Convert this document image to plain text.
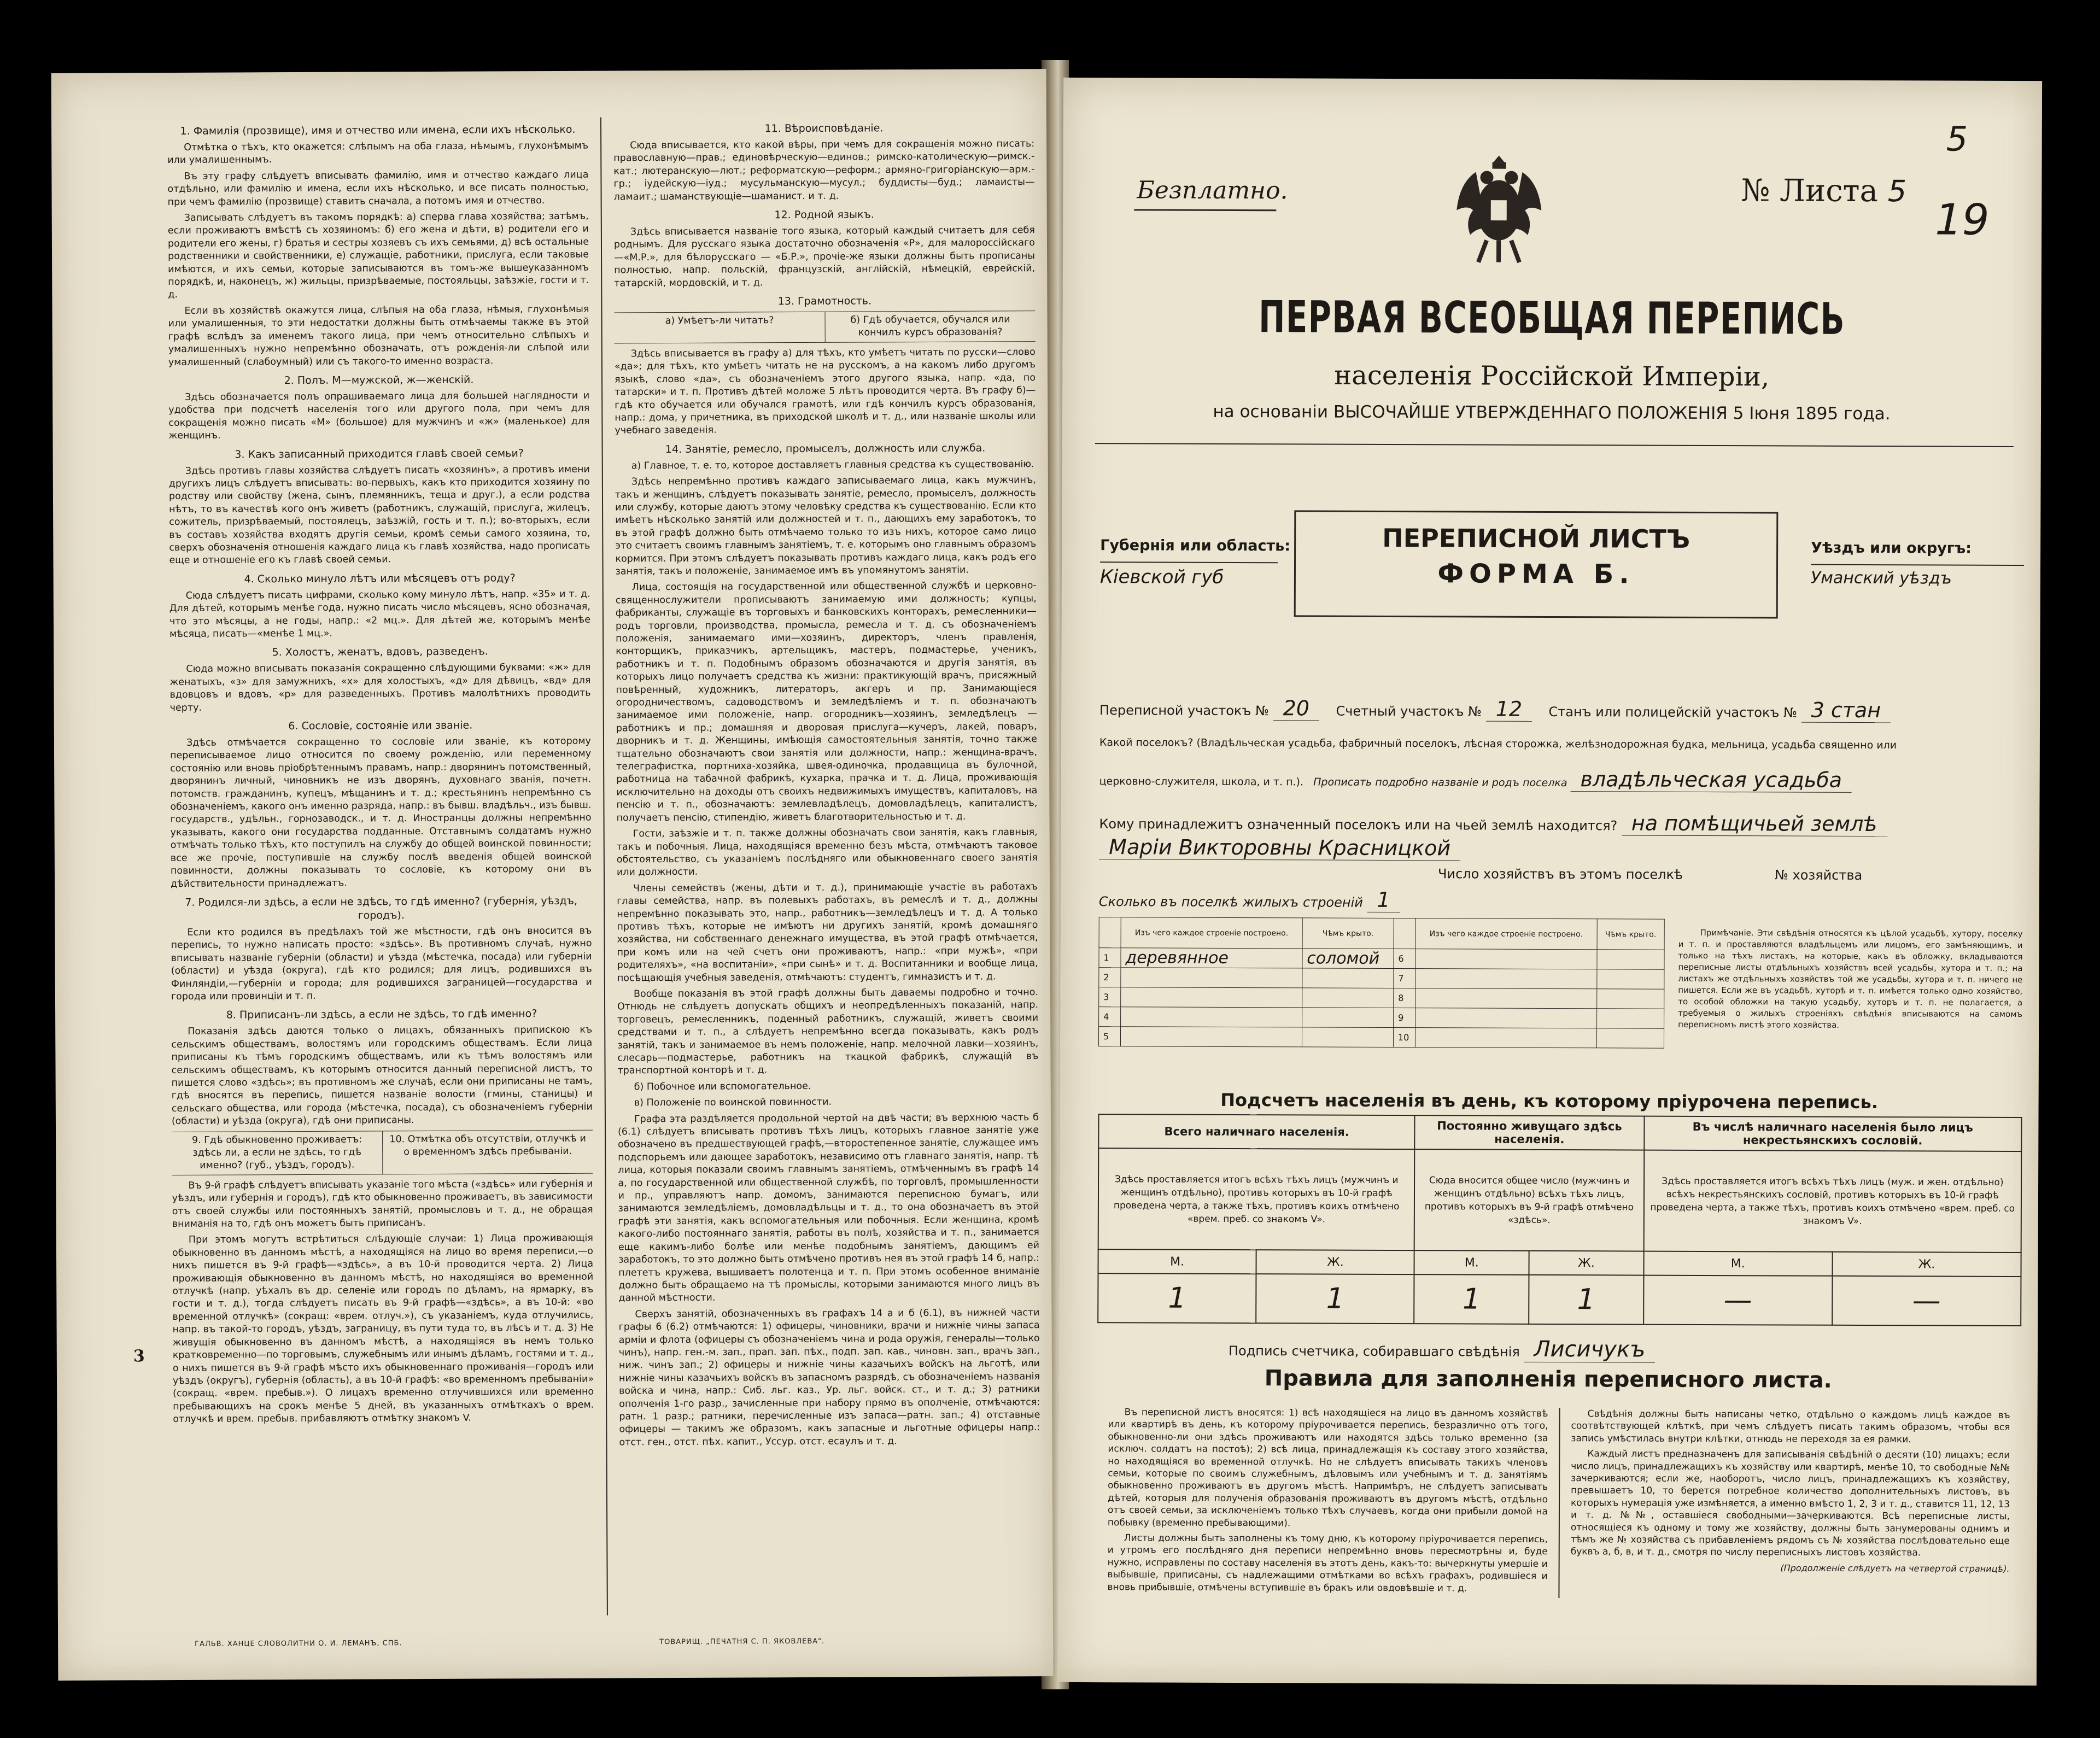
1. Фамилія (прозвище), имя и отчество или имена, если ихъ нѣсколько.
Отмѣтка о тѣхъ, кто окажется: слѣпымъ на оба глаза, нѣмымъ, глухонѣмымъ или умалишеннымъ.
Въ эту графу слѣдуетъ вписывать фамилію, имя и отчество каждаго лица отдѣльно, или фамилію и имена, если ихъ нѣсколько, и все писать полностью, при чемъ фамилію (прозвище) ставить сначала, а потомъ имя и отчество.
Записывать слѣдуетъ въ такомъ порядкѣ: а) сперва глава хозяйства; затѣмъ, если проживаютъ вмѣстѣ съ хозяиномъ: б) его жена и дѣти, в) родители его и родители его жены, г) братья и сестры хозяевъ съ ихъ семьями, д) всѣ остальные родственники и свойственники, е) служащіе, работники, прислуга, если таковые имѣются, и ихъ семьи, которые записываются въ томъ-же вышеуказанномъ порядкѣ, и, наконецъ, ж) жильцы, призрѣваемые, постояльцы, зaѣзжіе, гости и т. д.
Если въ хозяйствѣ окажутся лица, слѣпыя на оба глаза, нѣмыя, глухонѣмыя или умалишенныя, то эти недостатки должны быть отмѣчаемы также въ этой графѣ вслѣдъ за именемъ такого лица, при чемъ относительно слѣпыхъ и умалишенныхъ нужно непремѣнно обозначать, отъ рожденія-ли слѣпой или умалишенный (слабоумный) или съ такого-то именно возраста.
2. Полъ. М—мужской, ж—женскій.
Здѣсь обозначается полъ опрашиваемаго лица для большей наглядности и удобства при подсчетѣ населенія того или другого пола, при чемъ для сокращенія можно писать «М» (большое) для мужчинъ и «ж» (маленькое) для женщинъ.
3. Какъ записанный приходится главѣ своей семьи?
Здѣсь противъ главы хозяйства слѣдуетъ писать «хозяинъ», а противъ имени другихъ лицъ слѣдуетъ вписывать: во-первыхъ, какъ кто приходится хозяину по родству или свойству (жена, сынъ, племянникъ, теща и друг.), а если родства нѣтъ, то въ качествѣ кого онъ живетъ (работникъ, служащій, прислуга, жилецъ, сожитель, призрѣваемый, постоялецъ, заѣзжій, гость и т. п.); во-вторыхъ, если въ составъ хозяйства входятъ другія семьи, кромѣ семьи самого хозяина, то, сверхъ обозначенія отношенія каждаго лица къ главѣ хозяйства, надо прописать еще и отношеніе его къ главѣ своей семьи.
4. Сколько минуло лѣтъ или мѣсяцевъ отъ роду?
Сюда слѣдуетъ писать цифрами, сколько кому минуло лѣтъ, напр. «35» и т. д. Для дѣтей, которымъ менѣе года, нужно писать число мѣсяцевъ, ясно обозначая, что это мѣсяцы, а не годы, напр.: «2 мц.». Для дѣтей же, которымъ менѣе мѣсяца, писать—«менѣе 1 мц.».
5. Холостъ, женатъ, вдовъ, разведенъ.
Сюда можно вписывать показанія сокращенно слѣдующими буквами: «ж» для женатыхъ, «з» для замужнихъ, «х» для холостыхъ, «д» для дѣвицъ, «вд» для вдовцовъ и вдовъ, «р» для разведенныхъ. Противъ малолѣтнихъ проводить черту.
6. Сословіе, состояніе или званіе.
Здѣсь отмѣчается сокращенно то сословіе или званіе, къ которому переписываемое лицо относится по своему рожденію, или переменному состоянію или вновь пріобрѣтеннымъ правамъ, напр.: дворянинъ потомственный, дворянинъ личный, чиновникъ не изъ дворянъ, духовнаго званія, почетн. потомств. гражданинъ, купецъ, мѣщанинъ и т. д.; крестьянинъ непремѣнно съ обозначеніемъ, какого онъ именно разряда, напр.: въ бывш. владѣльч., изъ бывш. государств., удѣльн., горнозаводск., и т. д. Иностранцы должны непремѣнно указывать, какого они государства подданные. Отставнымъ солдатамъ нужно отмѣчать только тѣхъ, кто поступилъ на службу до общей воинской повинности; все же прочіе, поступившіе на службу послѣ введенія общей воинской повинности, должны показывать то сословіе, къ которому они въ дѣйствительности принадлежатъ.
7. Родился-ли здѣсь, а если не здѣсь, то гдѣ именно? (губернія, уѣздъ, городъ).
Если кто родился въ предѣлахъ той же мѣстности, гдѣ онъ вносится въ перепись, то нужно написать просто: «здѣсь». Въ противномъ случаѣ, нужно вписывать названіе губерніи (области) и уѣзда (мѣстечка, посада) или губерніи (области) и уѣзда (округа), гдѣ кто родился; для лицъ, родившихся въ Финляндіи,—губерніи и города; для родившихся заграницей—государства и города или провинціи и т. п.
8. Приписанъ-ли здѣсь, а если не здѣсь, то гдѣ именно?
Показанія здѣсь даются только о лицахъ, обязанныхъ припискою къ сельскимъ обществамъ, волостямъ или городскимъ обществамъ. Если лица приписаны къ тѣмъ городскимъ обществамъ, или къ тѣмъ волостямъ или сельскимъ обществамъ, къ которымъ относится данный переписной листъ, то пишется слово «здѣсь»; въ противномъ же случаѣ, если они приписаны не тамъ, гдѣ вносятся въ перепись, пишется названіе волости (гмины, станицы) и сельскаго общества, или города (мѣстечка, посада), съ обозначеніемъ губерніи (области) и уѣзда (округа), гдѣ они приписаны.
9. Гдѣ обыкновенно проживаетъ: здѣсь ли, а если не здѣсь, то гдѣ именно? (губ., уѣздъ, городъ).
10. Отмѣтка объ отсутствіи, отлучкѣ и о временномъ здѣсь пребываніи.
Въ 9-й графѣ слѣдуетъ вписывать указаніе того мѣста («здѣсь» или губернія и уѣздъ, или губернія и городъ), гдѣ кто обыкновенно проживаетъ, въ зависимости отъ своей службы или постоянныхъ занятій, промысловъ и т. д., не обращая вниманія на то, гдѣ онъ можетъ быть приписанъ.
При этомъ могутъ встрѣтиться слѣдующіе случаи: 1) Лица проживающія обыкновенно въ данномъ мѣстѣ, а находящіяся на лицо во время переписи,—о нихъ пишется въ 9-й графѣ—«здѣсь», а въ 10-й проводится черта. 2) Лица проживающія обыкновенно въ данномъ мѣстѣ, но находящіяся во временной отлучкѣ (напр. уѣхалъ въ др. селеніе или городъ по дѣламъ, на ярмарку, въ гости и т. д.), тогда слѣдуетъ писать въ 9-й графѣ—«здѣсь», а въ 10-й: «во временной отлучкѣ» (сокращ: «врем. отлуч.»), съ указаніемъ, куда отлучились, напр. въ такой-то городъ, уѣздъ, заграницу, въ пути туда то, въ лѣсъ и т. д. 3) Не живущія обыкновенно въ данномъ мѣстѣ, а находящіяся въ немъ только кратковременно—по торговымъ, служебнымъ или инымъ дѣламъ, гостями и т. д., о нихъ пишется въ 9-й графѣ мѣсто ихъ обыкновеннаго проживанія—городъ или уѣздъ (округъ), губернія (область), а въ 10-й графѣ: «во временномъ пребываніи» (сокращ. «врем. пребыв.»). О лицахъ временно отлучившихся или временно пребывающихъ на срокъ менѣе 5 дней, въ указанныхъ отмѣткахъ о врем. отлучкѣ и врем. пребыв. прибавляютъ отмѣтку знакомъ V.
11. Вѣроисповѣданіе.
Сюда вписывается, кто какой вѣры, при чемъ для сокращенія можно писать: православную—прав.; единовѣрческую—единов.; римско-католическую—римск.-кат.; лютеранскую—лют.; реформатскую—реформ.; армяно-григоріанскую—арм.-гр.; іудейскую—іуд.; мусульманскую—мусул.; буддисты—буд.; ламаисты—ламаит.; шаманствующіе—шаманист. и т. д.
12. Родной языкъ.
Здѣсь вписывается названіе того языка, который каждый считаетъ для себя роднымъ. Для русскаго языка достаточно обозначенія «Р», для малороссійскаго—«М.Р.», для бѣлорусскаго — «Б.Р.», прочіе-же языки должны быть прописаны полностью, напр. польскій, французскій, англійскій, нѣмецкій, еврейскій, татарскій, мордовскій, и т. д.
13. Грамотность.
а) Умѣетъ-ли читать?	б) Гдѣ обучается, обучался или кончилъ курсъ образованія?
Здѣсь вписывается въ графу а) для тѣхъ, кто умѣетъ читать по русски—слово «да»; для тѣхъ, кто умѣетъ читать не на русскомъ, а на какомъ либо другомъ языкѣ, слово «да», съ обозначеніемъ этого другого языка, напр. «да, по татарски» и т. п. Противъ дѣтей моложе 5 лѣтъ проводится черта. Въ графу б)—гдѣ кто обучается или обучался грамотѣ, или гдѣ кончилъ курсъ образованія, напр.: дома, у причетника, въ приходской школѣ и т. д., или названіе школы или учебнаго заведенія.
14. Занятіе, ремесло, промыселъ, должность или служба.
а) Главное, т. е. то, которое доставляетъ главныя средства къ существованію.
Здѣсь непремѣнно противъ каждаго записываемаго лица, какъ мужчинъ, такъ и женщинъ, слѣдуетъ показывать занятіе, ремесло, промыселъ, должность или службу, которые даютъ этому человѣку средства къ существованію. Если кто имѣетъ нѣсколько занятій или должностей и т. п., дающихъ ему заработокъ, то въ этой графѣ должно быть отмѣчаемо только то изъ нихъ, которое само лицо это считаетъ своимъ главнымъ занятіемъ, т. е. которымъ оно главнымъ образомъ кормится. При этомъ слѣдуетъ показывать противъ каждаго лица, какъ родъ его занятія, такъ и положеніе, занимаемое имъ въ упомянутомъ занятіи.
Лица, состоящія на государственной или общественной службѣ и церковно-священнослужители прописываютъ занимаемую ими должность; купцы, фабриканты, служащіе въ торговыхъ и банковскихъ конторахъ, ремесленники—родъ торговли, производства, промысла, ремесла и т. д. съ обозначеніемъ положенія, занимаемаго ими—хозяинъ, директоръ, членъ правленія, конторщикъ, приказчикъ, артельщикъ, мастеръ, подмастерье, ученикъ, работникъ и т. п. Подобнымъ образомъ обозначаются и другія занятія, въ которыхъ лицо получаетъ средства къ жизни: практикующій врачъ, присяжный повѣренный, художникъ, литераторъ, акгеръ и пр. Занимающіеся огородничествомъ, садоводствомъ и земледѣліемъ и т. п. обозначаютъ занимаемое ими положеніе, напр. огородникъ—хозяинъ, земледѣлецъ — работникъ и пр.; домашняя и дворовая прислуга—кучеръ, лакей, поваръ, дворникъ и т. д. Женщины, имѣющія самостоятельныя занятія, точно также тщательно обозначаютъ свои занятія или должности, напр.: женщина-врачъ, телеграфистка, портниха-хозяйка, швея-одиночка, продавщица въ булочной, работница на табачной фабрикѣ, кухарка, прачка и т. д. Лица, проживающія исключительно на доходы отъ своихъ недвижимыхъ имуществъ, капиталовъ, на пенсію и т. п., обозначаютъ: землевладѣлецъ, домовладѣлецъ, капиталистъ, получаетъ пенсію, стипендію, живетъ благотворительностью и т. д.
Гости, заѣзжіе и т. п. также должны обозначать свои занятія, какъ главныя, такъ и побочныя. Лица, находящіяся временно безъ мѣста, отмѣчаютъ таковое обстоятельство, съ указаніемъ послѣдняго или обыкновеннаго своего занятія или должности.
Члены семействъ (жены, дѣти и т. д.), принимающіе участіе въ работахъ главы семейства, напр. въ полевыхъ работахъ, въ ремеслѣ и т. д., должны непремѣнно показывать это, напр., работникъ—земледѣлецъ и т. д. А только противъ тѣхъ, которые не имѣютъ ни другихъ занятій, кромѣ домашняго хозяйства, ни собственнаго денежнаго имущества, въ этой графѣ отмѣчается, при комъ или на чей счетъ они проживаютъ, напр.: «при мужѣ», «при родителяхъ», «на воспитаніи», «при сынѣ» и т. д. Воспитанники и вообще лица, посѣщающія учебныя заведенія, отмѣчаютъ: студентъ, гимназистъ и т. д.
Вообще показанія въ этой графѣ должны быть даваемы подробно и точно. Отнюдь не слѣдуетъ допускать общихъ и неопредѣленныхъ показаній, напр. торговецъ, ремесленникъ, поденный работникъ, служащій, живетъ своими средствами и т. п., а слѣдуетъ непремѣнно всегда показывать, какъ родъ занятій, такъ и занимаемое въ немъ положеніе, напр. мелочной лавки—хозяинъ, слесарь—подмастерье, работникъ на ткацкой фабрикѣ, служащій въ транспортной конторѣ и т. д.
б) Побочное или вспомогательное.
в) Положеніе по воинской повинности.
Графа эта раздѣляется продольной чертой на двѣ части; въ верхнюю часть б (6.1) слѣдуетъ вписывать противъ тѣхъ лицъ, которыхъ главное занятіе уже обозначено въ предшествующей графѣ,—второстепенное занятіе, служащее имъ подспорьемъ или дающее заработокъ, независимо отъ главнаго занятія, напр. тѣ лица, которыя показали своимъ главнымъ занятіемъ, отмѣченнымъ въ графѣ 14 а, по государственной или общественной службѣ, по торговлѣ, промышленности и пр., управляютъ напр. домомъ, занимаются переписною бумагъ, или занимаются земледѣліемъ, домовладѣльцы и т. д., то она обозначаетъ въ этой графѣ эти занятія, какъ вспомогательныя или побочныя. Если женщина, кромѣ какого-либо постояннаго занятія, работы въ полѣ, хозяйства и т. п., занимается еще какимъ-либо болѣе или менѣе подобнымъ занятіемъ, дающимъ ей заработокъ, то это должно быть отмѣчено противъ нея въ этой графѣ 14 б, напр.: плететъ кружева, вышиваетъ полотенца и т. п. При этомъ особенное вниманіе должно быть обращаемо на тѣ промыслы, которыми занимаются много лицъ въ данной мѣстности.
Сверхъ занятій, обозначенныхъ въ графахъ 14 а и б (6.1), въ нижней части графы 6 (6.2) отмѣчаются: 1) офицеры, чиновники, врачи и нижніе чины запаса армiи и флота (офицеры съ обозначеніемъ чина и рода оружія, генералы—только чинъ), напр. ген.-м. зап., прап. зап. пѣх., подп. зап. кав., чиновн. зап., врачъ зап., ниж. чинъ зап.; 2) офицеры и нижніе чины казачьихъ войскъ на льготѣ, или нижніе чины казачьихъ войскъ въ запасномъ разрядѣ, съ обозначеніемъ названія войска и чина, напр.: Сиб. льг. каз., Ур. льг. войск. ст., и т. д.; 3) ратники ополченія 1-го разр., зачисленные при набору прямо въ ополченіе, отмѣчаются: ратн. 1 разр.; ратники, перечисленные изъ запаса—ратн. зап.; 4) отставные офицеры — такимъ же образомъ, какъ запасные и льготные офицеры напр.: отст. ген., отст. пѣх. капит., Уссур. отст. есаулъ и т. д.
3
ГАЛЬВ. ХАНЦЕ СЛОВОЛИТНИ О. И. ЛЕМАНЪ, СПБ.	ТОВАРИЩ. „ПЕЧАТНЯ С. П. ЯКОВЛЕВА".
Безплатно.	№ Листа 5
5
19
ПЕРВАЯ ВСЕОБЩАЯ ПЕРЕПИСЬ
населенія Россійской Имперіи,
на основаніи ВЫСОЧАЙШЕ УТВЕРЖДЕННАГО ПОЛОЖЕНІЯ 5 Іюня 1895 года.
Губернія или область:
Кіевской губ
ПЕРЕПИСНОЙ ЛИСТЪ
ФОРМА Б.
Уѣздъ или округъ:
Уманский уѣздъ
Переписной участокъ № 20 Счетный участокъ № 12 Станъ или полицейскій участокъ № 3 стан
Какой поселокъ? (Владѣльческая усадьба, фабричный поселокъ, лѣсная сторожка, желѣзнодорожная будка, мельница, усадьба священно или
церковно-служителя, школа, и т. п.). Прописать подробно названіе и родъ поселка владѣльческая усадьба
Кому принадлежитъ означенный поселокъ или на чьей землѣ находится? на помѣщичьей землѣ
Маріи Викторовны Красницкой
Число хозяйствъ въ этомъ поселкѣ	№ хозяйства
Сколько въ поселкѣ жилыхъ строеній 1
	Изъ чего каждое строеніе построено.	Чѣмъ крыто.		Изъ чего каждое строеніе построено.	Чѣмъ крыто.
1	деревянное	соломой	6		
2			7		
3			8		
4			9		
5			10		
Примѣчаніе. Эти свѣдѣнія относятся къ цѣлой усадьбѣ, хутору, поселку и т. п. и проставляются владѣльцемъ или лицомъ, его замѣняющимъ, и только на тѣхъ листахъ, на которые, какъ въ обложку, вкладываются переписные листы отдѣльныхъ хозяйствъ всей усадьбы, хутора и т. п.; на листахъ же отдѣльныхъ хозяйствъ той же усадьбы, хутора и т. п. ничего не пишется. Если же въ усадьбѣ, хуторѣ и т. п. имѣется только одно хозяйство, то особой обложки на такую усадьбу, хуторъ и т. п. не полагается, а требуемыя о жилыхъ строеніяхъ свѣдѣнія вписываются на самомъ переписномъ листѣ этого хозяйства.
Подсчетъ населенія въ день, къ которому пріурочена перепись.
Всего наличнаго населенія.		Постоянно живущаго здѣсь населенія.		Въ числѣ наличнаго населенія было лицъ некрестьянскихъ сословій.	
Здѣсь проставляется итогъ всѣхъ тѣхъ лицъ (мужчинъ и женщинъ отдѣльно), противъ которыхъ въ 10-й графѣ проведена черта, а также тѣхъ, противъ коихъ отмѣчено «врем. преб. со знакомъ V».		Сюда вносится общее число (мужчинъ и женщинъ отдѣльно) всѣхъ тѣхъ лицъ, противъ которыхъ въ 9-й графѣ отмѣчено «здѣсь».		Здѣсь проставляется итогъ всѣхъ тѣхъ лицъ (муж. и жен. отдѣльно) всѣхъ некрестьянскихъ сословій, противъ которыхъ въ 10-й графѣ проведена черта, а также тѣхъ, противъ коихъ отмѣчено «врем. преб. со знакомъ V».	
М.	Ж.	М.	Ж.	М.	Ж.
1	1	1	1	—	—
Подпись счетчика, собиравшаго свѣдѣнія Лисичукъ
Правила для заполненія переписного листа.
Въ переписной листъ вносятся: 1) всѣ находящіеся на лицо въ данномъ хозяйствѣ или квартирѣ въ день, къ которому пріурочивается перепись, безразлично отъ того, обыкновенно-ли они здѣсь проживаютъ или находятся здѣсь только временно (за исключ. солдатъ на постоѣ); 2) всѣ лица, принадлежащія къ составу этого хозяйства, но находящіяся во временной отлучкѣ. Но не слѣдуетъ вписывать такихъ членовъ семьи, которые по своимъ служебнымъ, дѣловымъ или учебнымъ и т. д. занятіямъ обыкновенно проживаютъ въ другомъ мѣстѣ. Напримѣръ, не слѣдуетъ записывать дѣтей, которыя для полученія образованія проживаютъ въ другомъ мѣстѣ, отдѣльно отъ своей семьи, за исключеніемъ только тѣхъ случаевъ, когда они прибыли домой на побывку (временно пребывающими).
Листы должны быть заполнены къ тому дню, къ которому пріурочивается перепись, и утромъ его послѣдняго дня переписи непремѣнно вновь пересмотрѣны и, буде нужно, исправлены по составу населенія въ этотъ день, какъ-то: вычеркнуты умершіе и выбывшіе, приписаны, съ надлежащими отмѣтками во всѣхъ графахъ, родившіеся и вновь прибывшіе, отмѣчены вступившіе въ бракъ или овдовѣвшіе и т. д.
Свѣдѣнія должны быть написаны четко, отдѣльно о каждомъ лицѣ каждое въ соотвѣтствующей клѣткѣ, при чемъ слѣдуетъ писать такимъ образомъ, чтобы вся запись умѣстилась внутри клѣтки, отнюдь не переходя за ея рамки.
Каждый листъ предназначенъ для записыванія свѣдѣній о десяти (10) лицахъ; если число лицъ, принадлежащихъ къ хозяйству или квартирѣ, менѣе 10, то свободные №№ зачеркиваются; если же, наоборотъ, число лицъ, принадлежащихъ къ хозяйству, превышаетъ 10, то берется потребное количество дополнительныхъ листовъ, въ которыхъ нумерація уже измѣняется, а именно вмѣсто 1, 2, 3 и т. д., ставится 11, 12, 13 и т. д. №№, оставшіеся свободными—зачеркиваются. Всѣ переписные листы, относящіеся къ одному и тому же хозяйству, должны быть занумерованы однимъ и тѣмъ же № хозяйства съ прибавленіемъ рядомъ съ № хозяйства послѣдовательно еще буквъ а, б, в, и т. д., смотря по числу переписныхъ листовъ хозяйства.
(Продолженіе слѣдуетъ на четвертой страницѣ).
